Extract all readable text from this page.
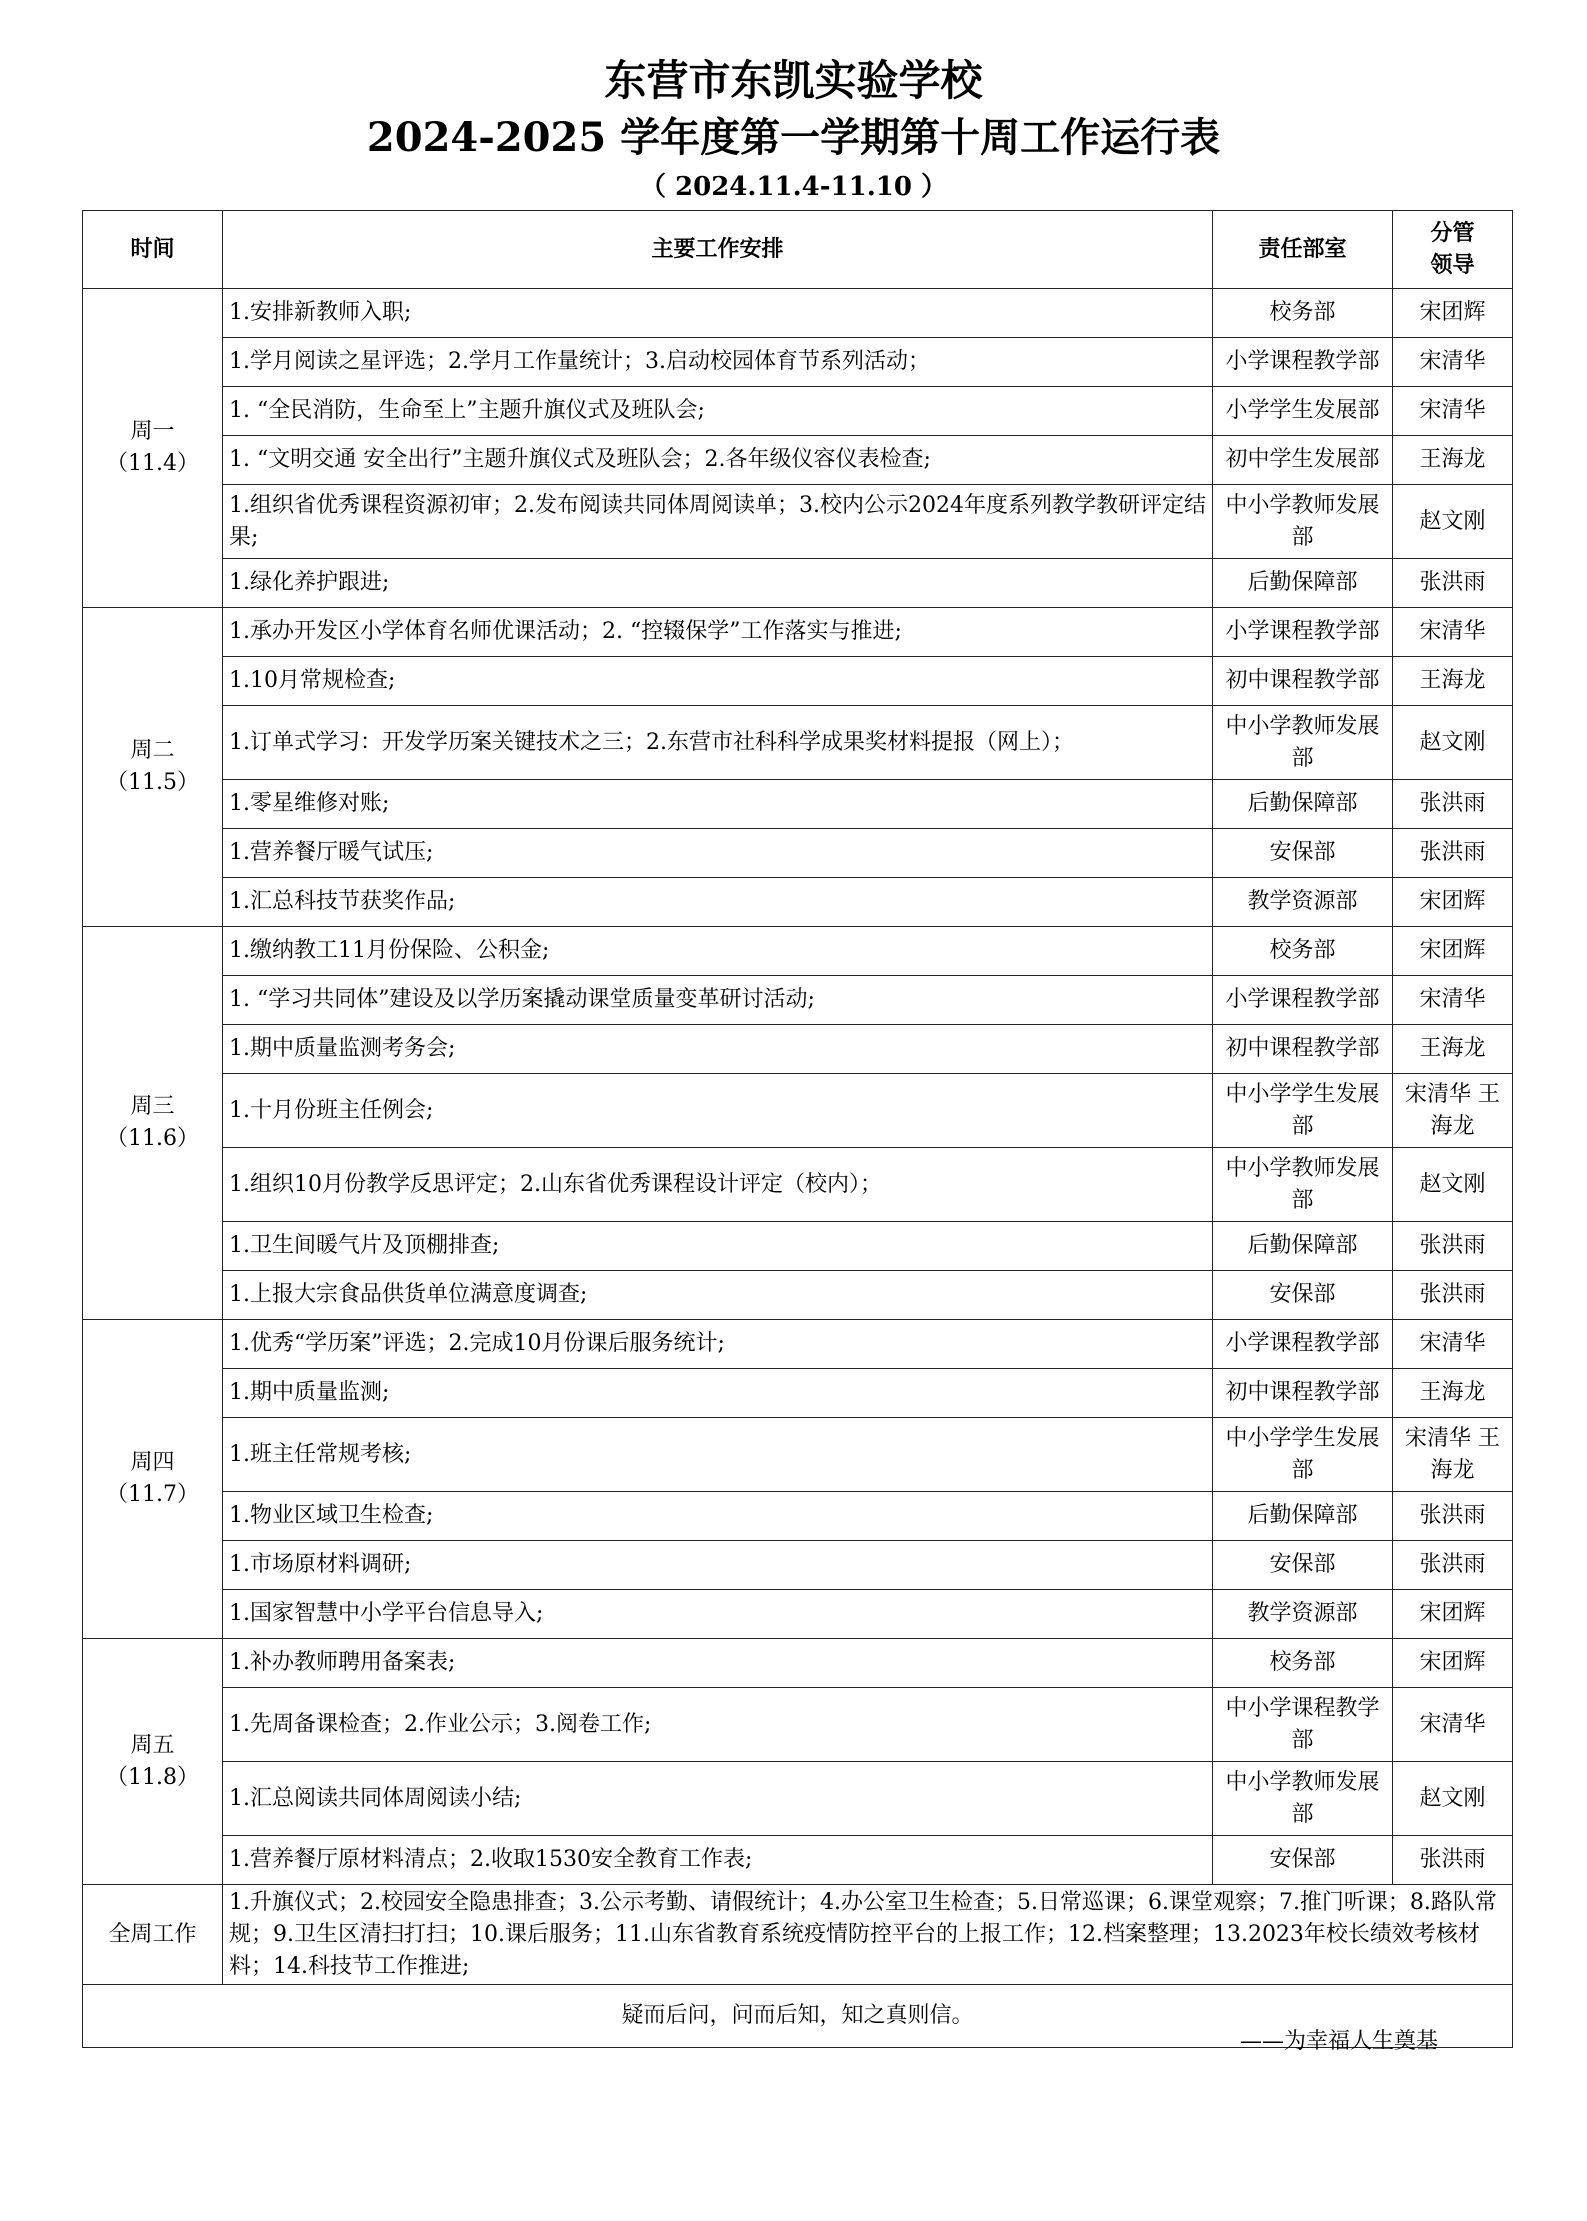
东营市东凯实验学校
2024-2025 学年度第一学期第十周工作运行表
（ 2024.11.4-11.10 ）
时间	主要工作安排	责任部室	分管
领导

周一
（11.4）	1.安排新教师入职;	校务部	宋团辉
	1.学月阅读之星评选；2.学月工作量统计；3.启动校园体育节系列活动；	小学课程教学部	宋清华
	1. “全民消防，生命至上”主题升旗仪式及班队会;	小学学生发展部	宋清华
	1. “文明交通 安全出行”主题升旗仪式及班队会；2.各年级仪容仪表检查;	初中学生发展部	王海龙
	1.组织省优秀课程资源初审；2.发布阅读共同体周阅读单；3.校内公示2024年度系列教学教研评定结果;	中小学教师发展部	赵文刚
	1.绿化养护跟进;	后勤保障部	张洪雨

周二
（11.5）	1.承办开发区小学体育名师优课活动；2. “控辍保学”工作落实与推进;	小学课程教学部	宋清华
	1.10月常规检查;	初中课程教学部	王海龙
	1.订单式学习：开发学历案关键技术之三；2.东营市社科科学成果奖材料提报（网上）；	中小学教师发展部	赵文刚
	1.零星维修对账;	后勤保障部	张洪雨
	1.营养餐厅暖气试压;	安保部	张洪雨
	1.汇总科技节获奖作品;	教学资源部	宋团辉

周三
（11.6）	1.缴纳教工11月份保险、公积金;	校务部	宋团辉
	1. “学习共同体”建设及以学历案撬动课堂质量变革研讨活动;	小学课程教学部	宋清华
	1.期中质量监测考务会;	初中课程教学部	王海龙
	1.十月份班主任例会;	中小学学生发展部	宋清华 王海龙
	1.组织10月份教学反思评定；2.山东省优秀课程设计评定（校内）；	中小学教师发展部	赵文刚
	1.卫生间暖气片及顶棚排查;	后勤保障部	张洪雨
	1.上报大宗食品供货单位满意度调查;	安保部	张洪雨

周四
（11.7）	1.优秀“学历案”评选；2.完成10月份课后服务统计;	小学课程教学部	宋清华
	1.期中质量监测;	初中课程教学部	王海龙
	1.班主任常规考核;	中小学学生发展部	宋清华 王海龙
	1.物业区域卫生检查;	后勤保障部	张洪雨
	1.市场原材料调研;	安保部	张洪雨
	1.国家智慧中小学平台信息导入;	教学资源部	宋团辉

周五
（11.8）	1.补办教师聘用备案表;	校务部	宋团辉
	1.先周备课检查；2.作业公示；3.阅卷工作;	中小学课程教学部	宋清华
	1.汇总阅读共同体周阅读小结;	中小学教师发展部	赵文刚
	1.营养餐厅原材料清点；2.收取1530安全教育工作表;	安保部	张洪雨
全周工作	1.升旗仪式；2.校园安全隐患排查；3.公示考勤、请假统计；4.办公室卫生检查；5.日常巡课；6.课堂观察；7.推门听课；8.路队常规；9.卫生区清扫打扫；10.课后服务；11.山东省教育系统疫情防控平台的上报工作；12.档案整理；13.2023年校长绩效考核材料；14.科技节工作推进;		
疑而后问，问而后知，知之真则信。			
——为幸福人生奠基
